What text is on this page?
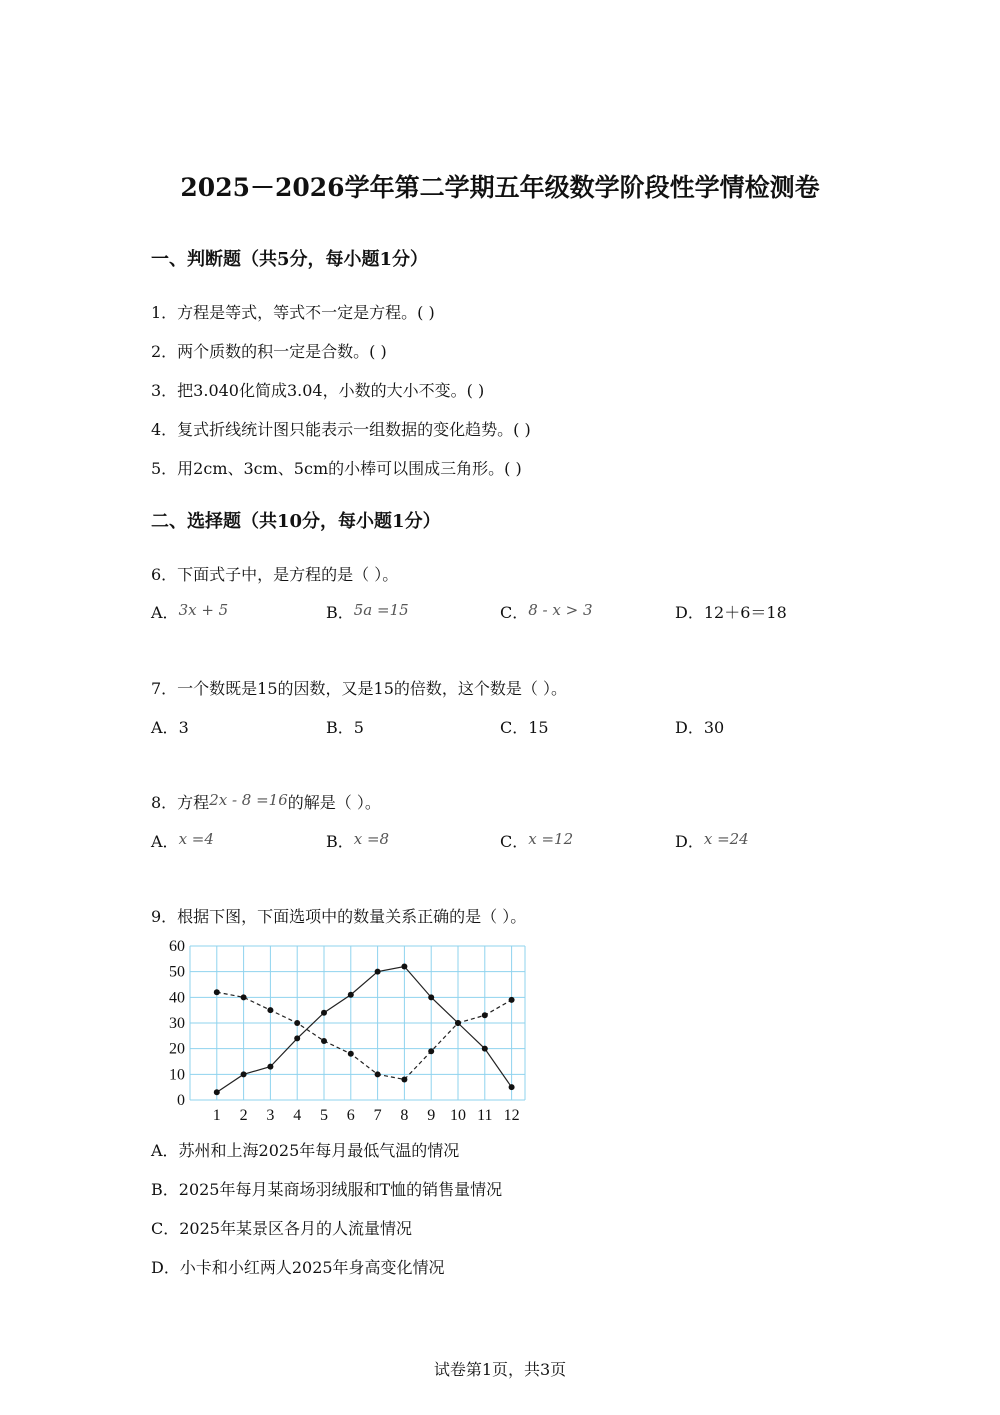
2025－2026学年第二学期五年级数学阶段性学情检测卷
一、判断题（共5分，每小题1分）
1．方程是等式，等式不一定是方程。( )
2．两个质数的积一定是合数。( )
3．把3.040化简成3.04，小数的大小不变。( )
4．复式折线统计图只能表示一组数据的变化趋势。( )
5．用2cm、3cm、5cm的小棒可以围成三角形。( )
二、选择题（共10分，每小题1分）
6．下面式子中，是方程的是（ ）。
A．3x + 5	B．5a =15	C．8 - x > 3	D．12＋6＝18
7．一个数既是15的因数，又是15的倍数，这个数是（ ）。
A．3	B．5	C．15	D．30
8．方程2x - 8 =16的解是（ ）。
A．x =4	B．x =8	C．x =12	D．x =24
9．根据下图，下面选项中的数量关系正确的是（ ）。
0
10
20
30
40
50
60
1 2 3 4 5 6 7 8 9 10 11 12
A．苏州和上海2025年每月最低气温的情况
B．2025年每月某商场羽绒服和T恤的销售量情况
C．2025年某景区各月的人流量情况
D．小卡和小红两人2025年身高变化情况
试卷第1页，共3页
